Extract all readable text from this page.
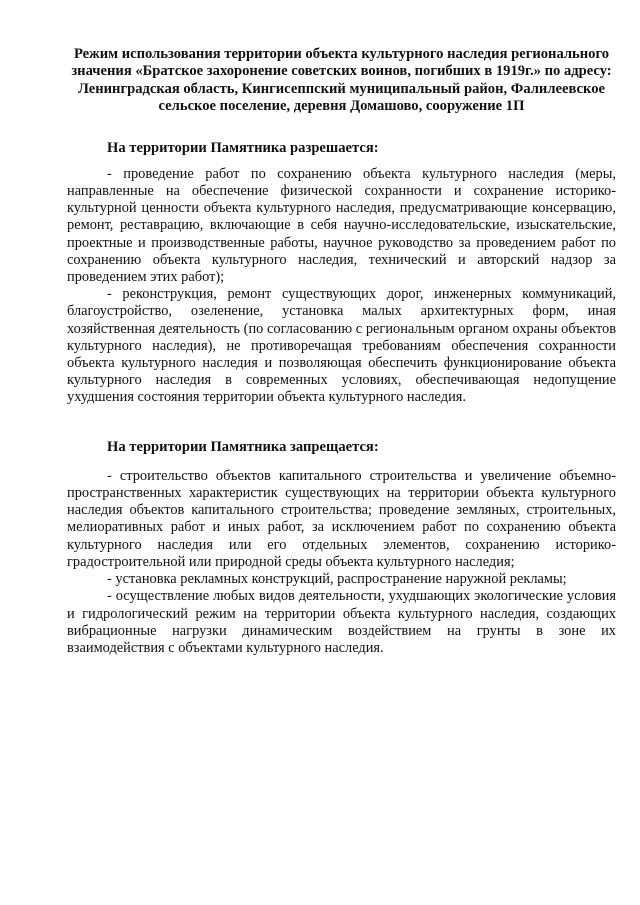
Режим использования территории объекта культурного наследия регионального значения «Братское захоронение советских воинов, погибших в 1919г.» по адресу: Ленинградская область, Кингисеппский муниципальный район, Фалилеевское сельское поселение, деревня Домашово, сооружение 1П

На территории Памятника разрешается:

- проведение работ по сохранению объекта культурного наследия (меры, направленные на обеспечение физической сохранности и сохранение историко-культурной ценности объекта культурного наследия, предусматривающие консервацию, ремонт, реставрацию, включающие в себя научно-исследовательские, изыскательские, проектные и производственные работы, научное руководство за проведением работ по сохранению объекта культурного наследия, технический и авторский надзор за проведением этих работ);

- реконструкция, ремонт существующих дорог, инженерных коммуникаций, благоустройство, озеленение, установка малых архитектурных форм, иная хозяйственная деятельность (по согласованию с региональным органом охраны объектов культурного наследия), не противоречащая требованиям обеспечения сохранности объекта культурного наследия и позволяющая обеспечить функционирование объекта культурного наследия в современных условиях, обеспечивающая недопущение ухудшения состояния территории объекта культурного наследия.

На территории Памятника запрещается:

- строительство объектов капитального строительства и увеличение объемно-пространственных характеристик существующих на территории объекта культурного наследия объектов капитального строительства; проведение земляных, строительных, мелиоративных работ и иных работ, за исключением работ по сохранению объекта культурного наследия или его отдельных элементов, сохранению историко-градостроительной или природной среды объекта культурного наследия;

- установка рекламных конструкций, распространение наружной рекламы;

- осуществление любых видов деятельности, ухудшающих экологические условия и гидрологический режим на территории объекта культурного наследия, создающих вибрационные нагрузки динамическим воздействием на грунты в зоне их взаимодействия с объектами культурного наследия.
